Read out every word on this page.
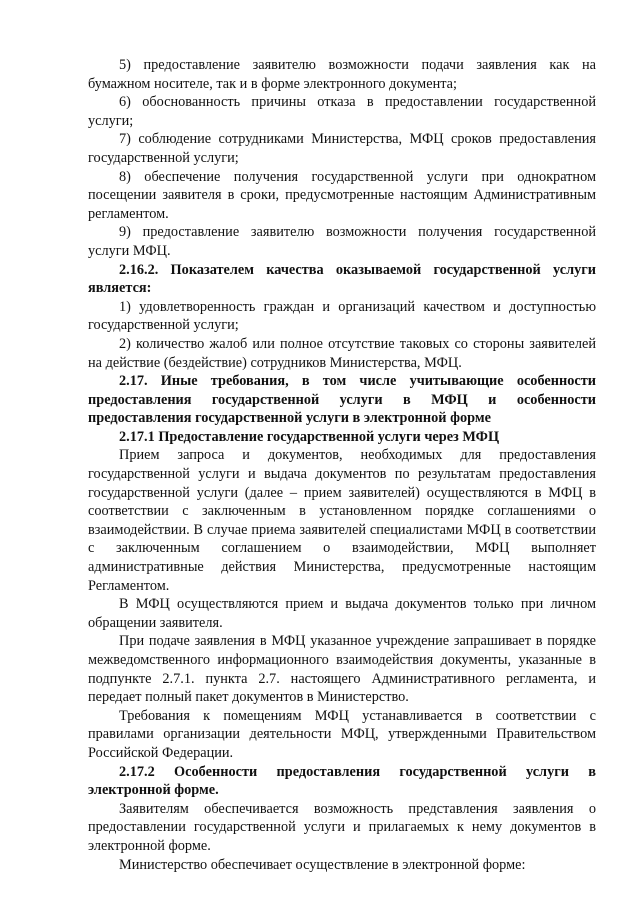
5) предоставление заявителю возможности подачи заявления как на бумажном носителе, так и в форме электронного документа;

6) обоснованность причины отказа в предоставлении государственной услуги;

7) соблюдение сотрудниками Министерства, МФЦ сроков предоставления государственной услуги;

8) обеспечение получения государственной услуги при однократном посещении заявителя в сроки, предусмотренные настоящим Административным регламентом.

9) предоставление заявителю возможности получения государственной услуги МФЦ.

2.16.2. Показателем качества оказываемой государственной услуги является:

1) удовлетворенность граждан и организаций качеством и доступностью государственной услуги;

2) количество жалоб или полное отсутствие таковых со стороны заявителей на действие (бездействие) сотрудников Министерства, МФЦ.

2.17. Иные требования, в том числе учитывающие особенности предоставления государственной услуги в МФЦ и особенности предоставления государственной услуги в электронной форме

2.17.1 Предоставление государственной услуги через МФЦ

Прием запроса и документов, необходимых для предоставления государственной услуги и выдача документов по результатам предоставления государственной услуги (далее – прием заявителей) осуществляются в МФЦ в соответствии с заключенным в установленном порядке соглашениями о взаимодействии. В случае приема заявителей специалистами МФЦ в соответствии с заключенным соглашением о взаимодействии, МФЦ выполняет административные действия Министерства, предусмотренные настоящим Регламентом.

В МФЦ осуществляются прием и выдача документов только при личном обращении заявителя.

При подаче заявления в МФЦ указанное учреждение запрашивает в порядке межведомственного информационного взаимодействия документы, указанные в подпункте 2.7.1. пункта 2.7. настоящего Административного регламента, и передает полный пакет документов в Министерство.

Требования к помещениям МФЦ устанавливается в соответствии с правилами организации деятельности МФЦ, утвержденными Правительством Российской Федерации.

2.17.2 Особенности предоставления государственной услуги в электронной форме.

Заявителям обеспечивается возможность представления заявления о предоставлении государственной услуги и прилагаемых к нему документов в электронной форме.

Министерство обеспечивает осуществление в электронной форме:
